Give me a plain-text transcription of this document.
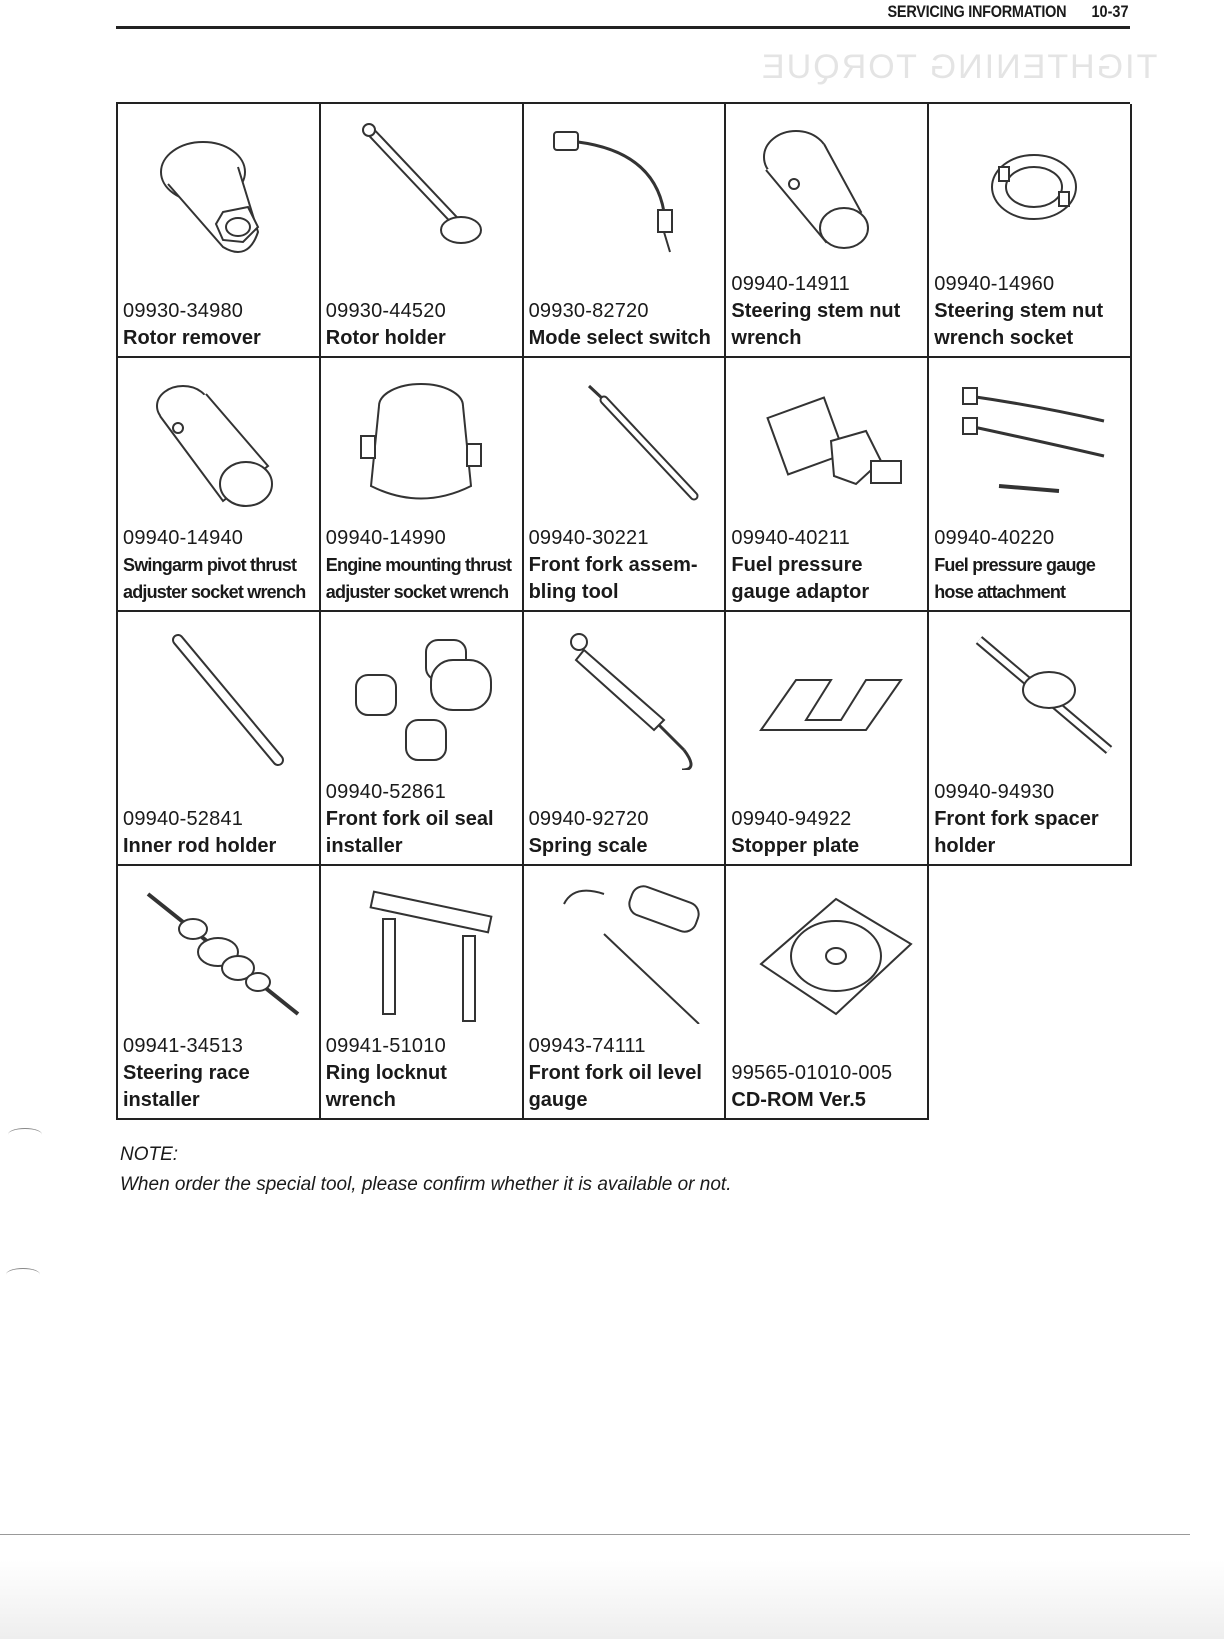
SERVICING INFORMATION 10-37
TIGHTENING TORQUE
09930-34980
Rotor remover
09930-44520
Rotor holder
09930-82720
Mode select switch
09940-14911
Steering stem nut
wrench
09940-14960
Steering stem nut
wrench socket
09940-14940
Swingarm pivot thrust
adjuster socket wrench
09940-14990
Engine mounting thrust
adjuster socket wrench
09940-30221
Front fork assem-
bling tool
09940-40211
Fuel pressure
gauge adaptor
09940-40220
Fuel pressure gauge
hose attachment
09940-52841
Inner rod holder
09940-52861
Front fork oil seal
installer
09940-92720
Spring scale
09940-94922
Stopper plate
09940-94930
Front fork spacer
holder
09941-34513
Steering race
installer
09941-51010
Ring locknut
wrench
09943-74111
Front fork oil level
gauge
99565-01010-005
CD-ROM Ver.5
NOTE:
When order the special tool, please confirm whether it is available or not.
